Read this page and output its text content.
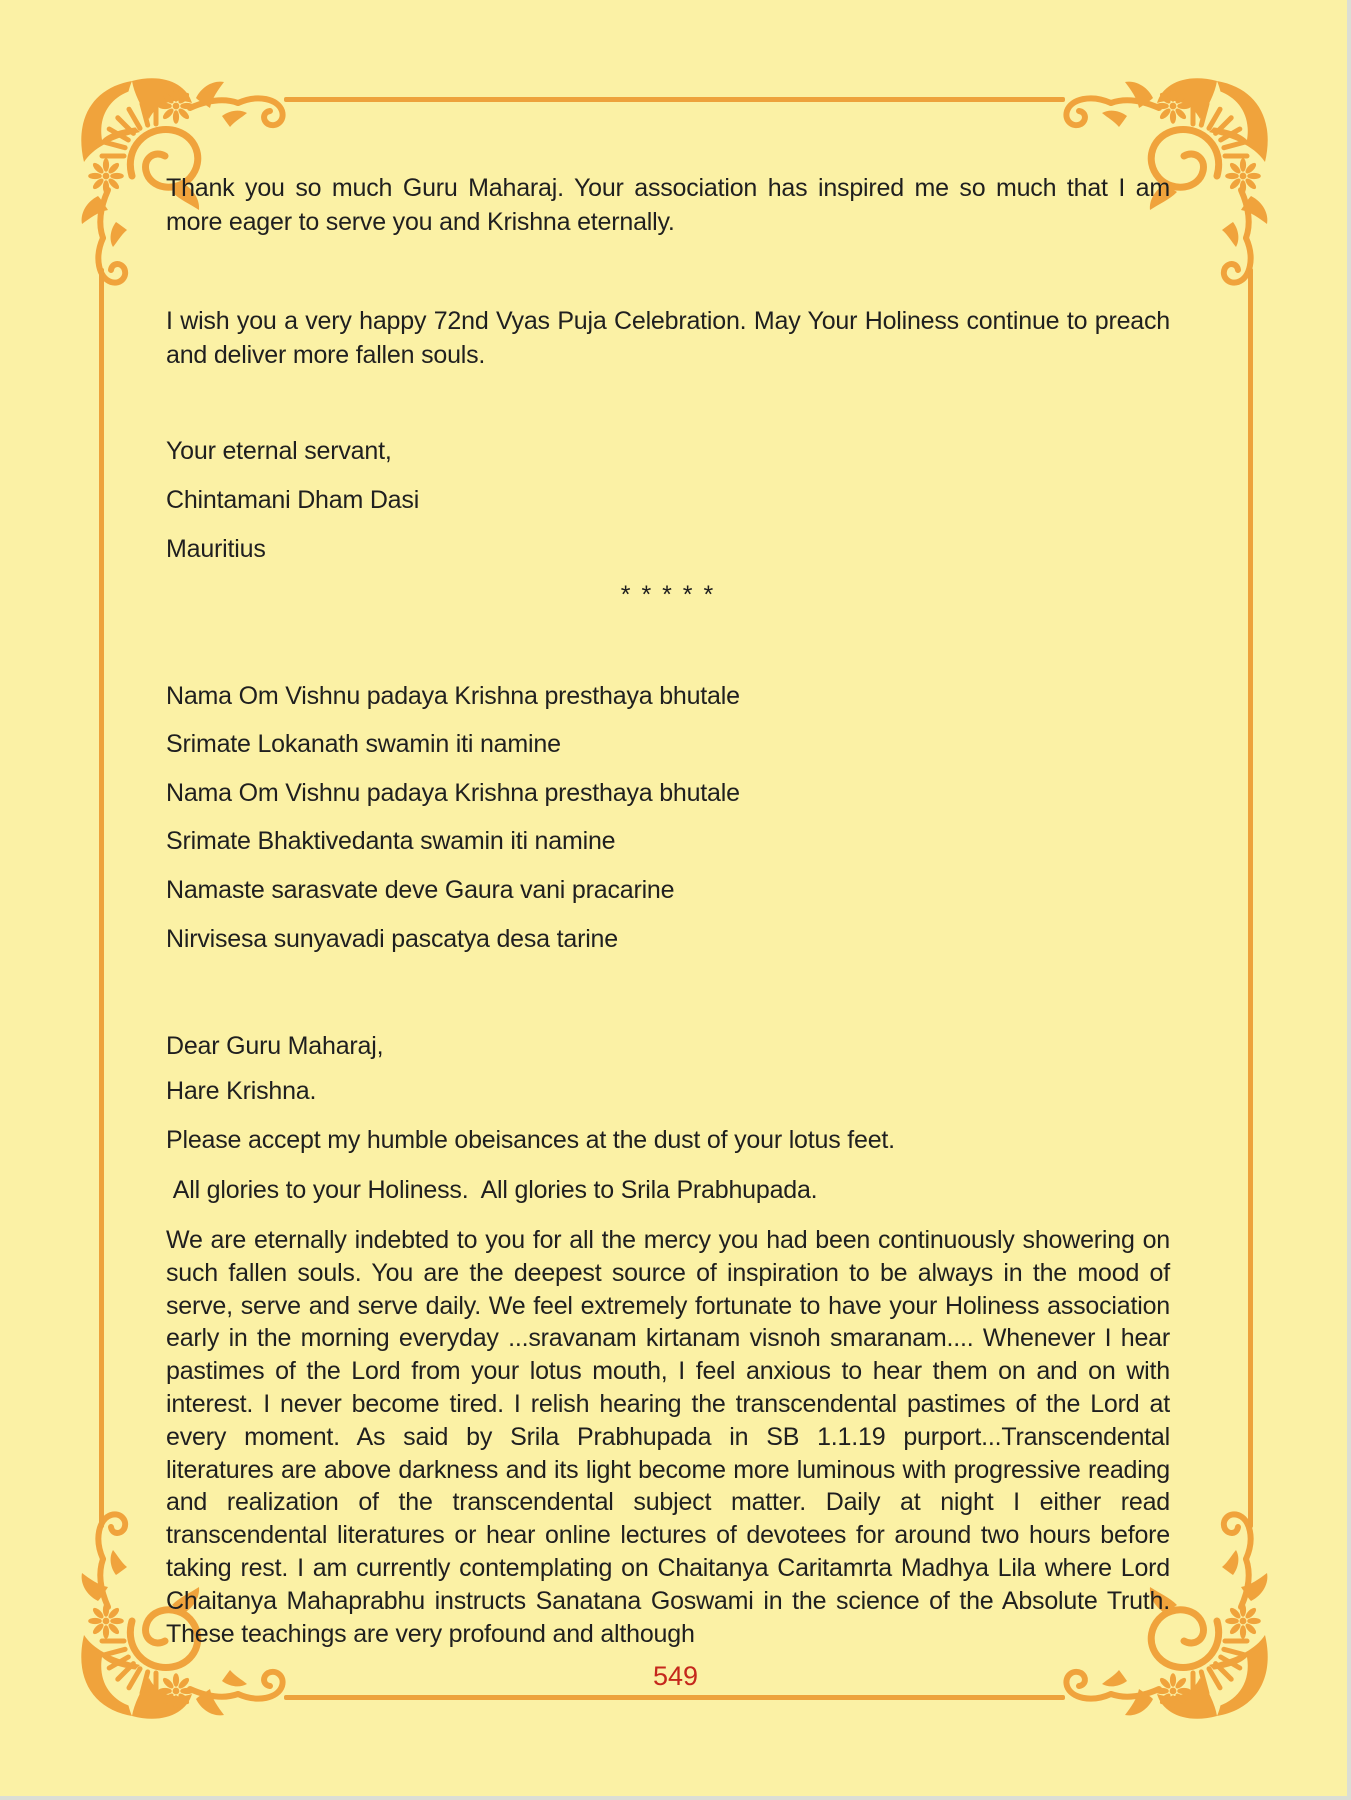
Thank you so much Guru Maharaj. Your association has inspired me so much that I am more eager to serve you and Krishna eternally.

I wish you a very happy 72nd Vyas Puja Celebration. May Your Holiness continue to preach and deliver more fallen souls.

Your eternal servant,

Chintamani Dham Dasi

Mauritius

* * * * *

Nama Om Vishnu padaya Krishna presthaya bhutale

Srimate Lokanath swamin iti namine

Nama Om Vishnu padaya Krishna presthaya bhutale

Srimate Bhaktivedanta swamin iti namine

Namaste sarasvate deve Gaura vani pracarine

Nirvisesa sunyavadi pascatya desa tarine

Dear Guru Maharaj,

Hare Krishna.

Please accept my humble obeisances at the dust of your lotus feet.

All glories to your Holiness.  All glories to Srila Prabhupada.

We are eternally indebted to you for all the mercy you had been continuously showering on such fallen souls. You are the deepest source of inspiration to be always in the mood of serve, serve and serve daily. We feel extremely fortunate to have your Holiness association early in the morning everyday ...sravanam kirtanam visnoh smaranam.... Whenever I hear pastimes of the Lord from your lotus mouth, I feel anxious to hear them on and on with interest. I never become tired. I relish hearing the transcendental pastimes of the Lord at every moment. As said by Srila Prabhupada in SB 1.1.19 purport...Transcendental literatures are above darkness and its light become more luminous with progressive reading and realization of the transcendental subject matter. Daily at night I either read transcendental literatures or hear online lectures of devotees for around two hours before taking rest. I am currently contemplating on Chaitanya Caritamrta Madhya Lila where Lord Chaitanya Mahaprabhu instructs Sanatana Goswami in the science of the Absolute Truth. These teachings are very profound and although

549
